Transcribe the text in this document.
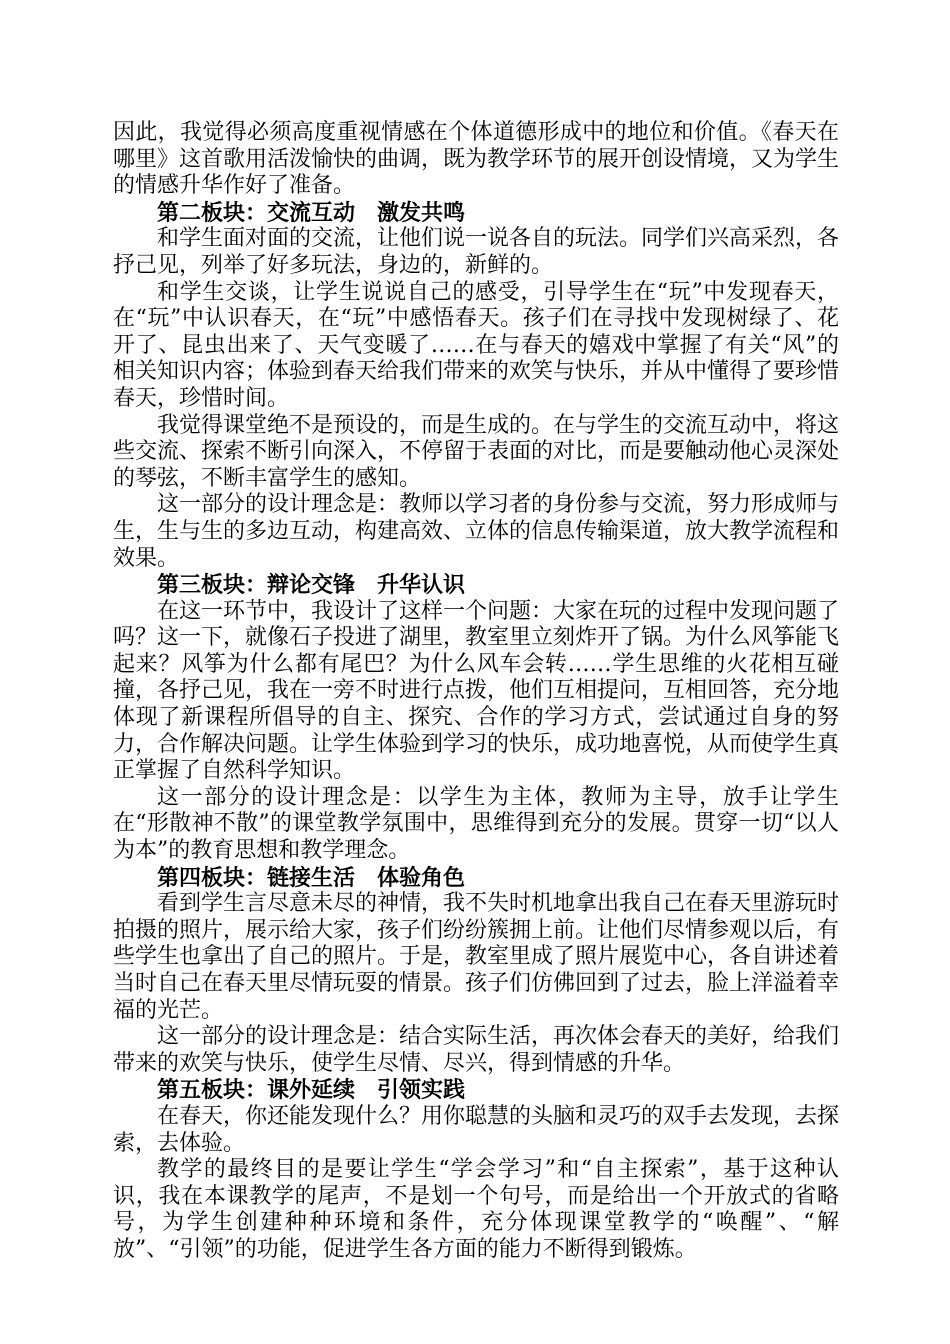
因此，我觉得必须高度重视情感在个体道德形成中的地位和价值。《春天在哪里》这首歌用活泼愉快的曲调，既为教学环节的展开创设情境，又为学生的情感升华作好了准备。

第二板块：交流互动　激发共鸣

和学生面对面的交流，让他们说一说各自的玩法。同学们兴高采烈，各抒己见，列举了好多玩法，身边的，新鲜的。

和学生交谈，让学生说说自己的感受，引导学生在“玩”中发现春天，在“玩”中认识春天，在“玩”中感悟春天。孩子们在寻找中发现树绿了、花开了、昆虫出来了、天气变暖了……在与春天的嬉戏中掌握了有关“风”的相关知识内容；体验到春天给我们带来的欢笑与快乐，并从中懂得了要珍惜春天，珍惜时间。

我觉得课堂绝不是预设的，而是生成的。在与学生的交流互动中，将这些交流、探索不断引向深入，不停留于表面的对比，而是要触动他心灵深处的琴弦，不断丰富学生的感知。

这一部分的设计理念是：教师以学习者的身份参与交流，努力形成师与生，生与生的多边互动，构建高效、立体的信息传输渠道，放大教学流程和效果。

第三板块：辩论交锋　升华认识

在这一环节中，我设计了这样一个问题：大家在玩的过程中发现问题了吗？这一下，就像石子投进了湖里，教室里立刻炸开了锅。为什么风筝能飞起来？风筝为什么都有尾巴？为什么风车会转……学生思维的火花相互碰撞，各抒己见，我在一旁不时进行点拨，他们互相提问，互相回答，充分地体现了新课程所倡导的自主、探究、合作的学习方式，尝试通过自身的努力，合作解决问题。让学生体验到学习的快乐，成功地喜悦，从而使学生真正掌握了自然科学知识。

这一部分的设计理念是：以学生为主体，教师为主导，放手让学生在“形散神不散”的课堂教学氛围中，思维得到充分的发展。贯穿一切“以人为本”的教育思想和教学理念。

第四板块：链接生活　体验角色

看到学生言尽意未尽的神情，我不失时机地拿出我自己在春天里游玩时拍摄的照片，展示给大家，孩子们纷纷簇拥上前。让他们尽情参观以后，有些学生也拿出了自己的照片。于是，教室里成了照片展览中心，各自讲述着当时自己在春天里尽情玩耍的情景。孩子们仿佛回到了过去，脸上洋溢着幸福的光芒。

这一部分的设计理念是：结合实际生活，再次体会春天的美好，给我们带来的欢笑与快乐，使学生尽情、尽兴，得到情感的升华。

第五板块：课外延续　引领实践

在春天，你还能发现什么？用你聪慧的头脑和灵巧的双手去发现，去探索，去体验。

教学的最终目的是要让学生“学会学习”和“自主探索”，基于这种认识，我在本课教学的尾声，不是划一个句号，而是给出一个开放式的省略号，为学生创建种种环境和条件，充分体现课堂教学的“唤醒”、“解放”、“引领”的功能，促进学生各方面的能力不断得到锻炼。
